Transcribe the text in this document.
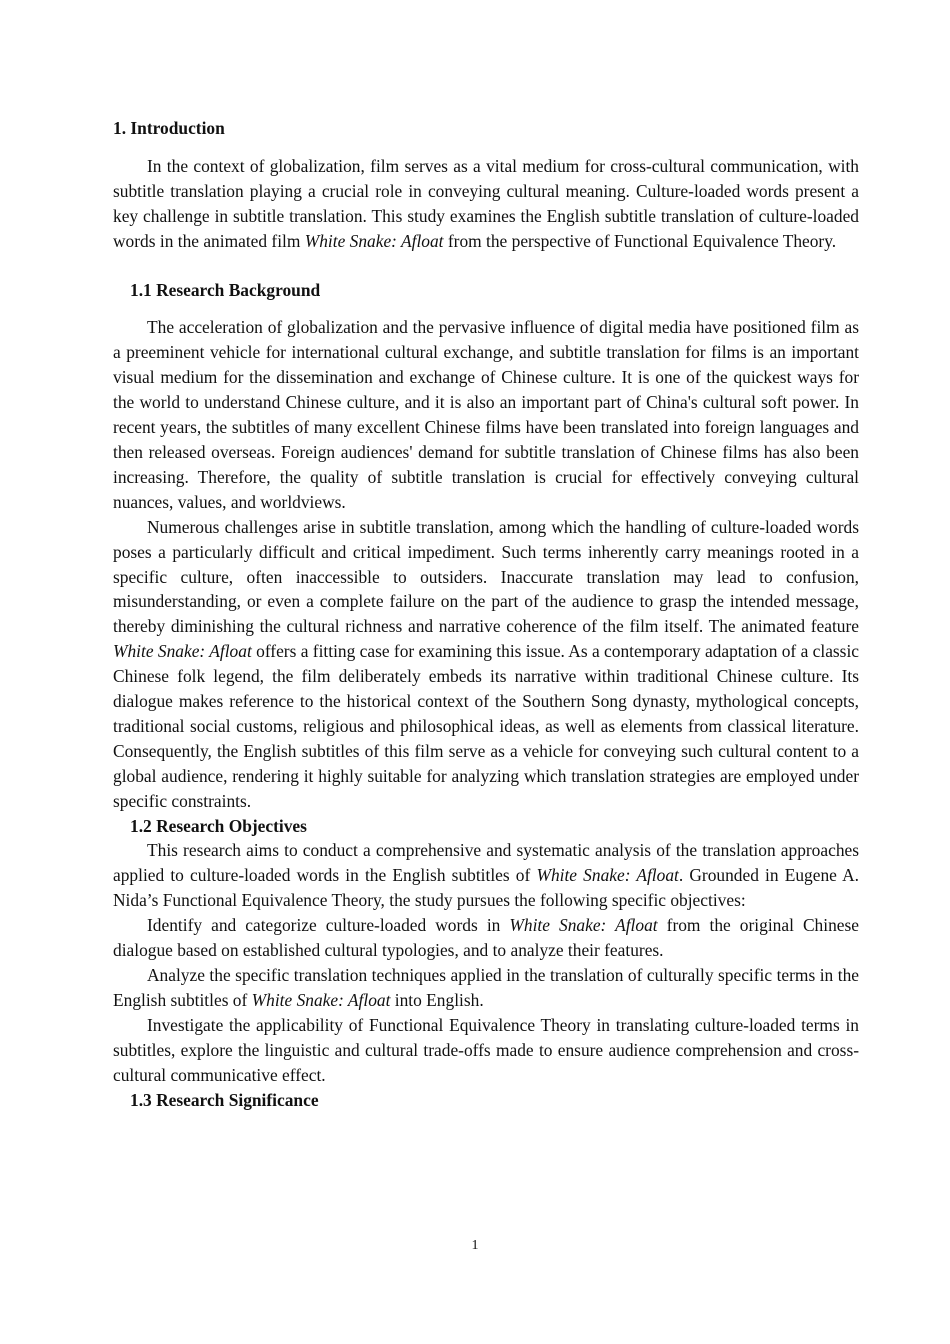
1. Introduction

In the context of globalization, film serves as a vital medium for cross-cultural communication, with subtitle translation playing a crucial role in conveying cultural meaning. Culture-loaded words present a key challenge in subtitle translation. This study examines the English subtitle translation of culture-loaded words in the animated film White Snake: Afloat from the perspective of Functional Equivalence Theory.

1.1 Research Background

The acceleration of globalization and the pervasive influence of digital media have positioned film as a preeminent vehicle for international cultural exchange, and subtitle translation for films is an important visual medium for the dissemination and exchange of Chinese culture. It is one of the quickest ways for the world to understand Chinese culture, and it is also an important part of China's cultural soft power. In recent years, the subtitles of many excellent Chinese films have been translated into foreign languages and then released overseas. Foreign audiences' demand for subtitle translation of Chinese films has also been increasing. Therefore, the quality of subtitle translation is crucial for effectively conveying cultural nuances, values, and worldviews.

Numerous challenges arise in subtitle translation, among which the handling of culture-loaded words poses a particularly difficult and critical impediment. Such terms inherently carry meanings rooted in a specific culture, often inaccessible to outsiders. Inaccurate translation may lead to confusion, misunderstanding, or even a complete failure on the part of the audience to grasp the intended message, thereby diminishing the cultural richness and narrative coherence of the film itself. The animated feature White Snake: Afloat offers a fitting case for examining this issue. As a contemporary adaptation of a classic Chinese folk legend, the film deliberately embeds its narrative within traditional Chinese culture. Its dialogue makes reference to the historical context of the Southern Song dynasty, mythological concepts, traditional social customs, religious and philosophical ideas, as well as elements from classical literature. Consequently, the English subtitles of this film serve as a vehicle for conveying such cultural content to a global audience, rendering it highly suitable for analyzing which translation strategies are employed under specific constraints.

1.2 Research Objectives

This research aims to conduct a comprehensive and systematic analysis of the translation approaches applied to culture-loaded words in the English subtitles of White Snake: Afloat. Grounded in Eugene A. Nida’s Functional Equivalence Theory, the study pursues the following specific objectives:

Identify and categorize culture-loaded words in White Snake: Afloat from the original Chinese dialogue based on established cultural typologies, and to analyze their features.

Analyze the specific translation techniques applied in the translation of culturally specific terms in the English subtitles of White Snake: Afloat into English.

Investigate the applicability of Functional Equivalence Theory in translating culture-loaded terms in subtitles, explore the linguistic and cultural trade-offs made to ensure audience comprehension and cross-cultural communicative effect.

1.3 Research Significance
1
